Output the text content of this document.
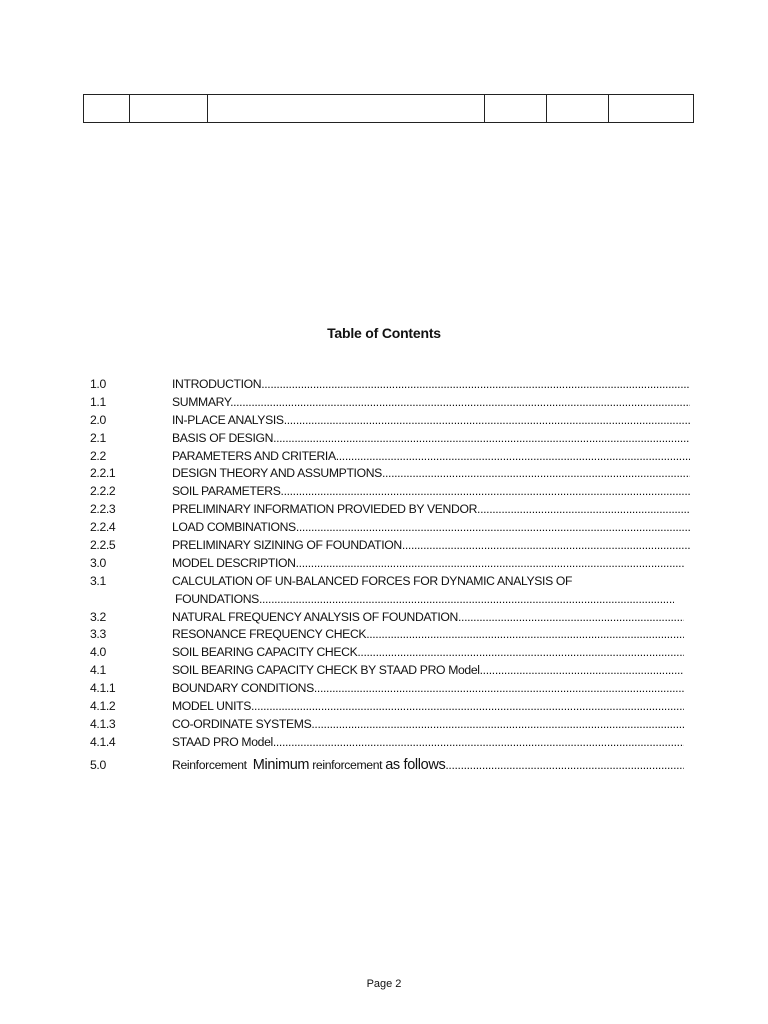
Table of Contents
1.0	INTRODUCTION .....
1.1	SUMMARY .....
2.0	IN-PLACE ANALYSIS .....
2.1	BASIS OF DESIGN .....
2.2	PARAMETERS AND CRITERIA .....
2.2.1	DESIGN THEORY AND ASSUMPTIONS .....
2.2.2	SOIL PARAMETERS .....
2.2.3	PRELIMINARY INFORMATION PROVIEDED BY VENDOR .....
2.2.4	LOAD COMBINATIONS .....
2.2.5	PRELIMINARY SIZINING OF FOUNDATION .....
3.0	MODEL DESCRIPTION .....
3.1	CALCULATION OF UN-BALANCED FORCES FOR DYNAMIC ANALYSIS OF
FOUNDATIONS .....
3.2	NATURAL FREQUENCY ANALYSIS OF FOUNDATION .....
3.3	RESONANCE FREQUENCY CHECK .....
4.0	SOIL BEARING CAPACITY CHECK .....
4.1	SOIL BEARING CAPACITY CHECK BY STAAD PRO Model .....
4.1.1	BOUNDARY CONDITIONS .....
4.1.2	MODEL UNITS .....
4.1.3	CO-ORDINATE SYSTEMS .....
4.1.4	STAAD PRO Model .....
5.0	Reinforcement Minimum reinforcement as follows .....
Page 2
